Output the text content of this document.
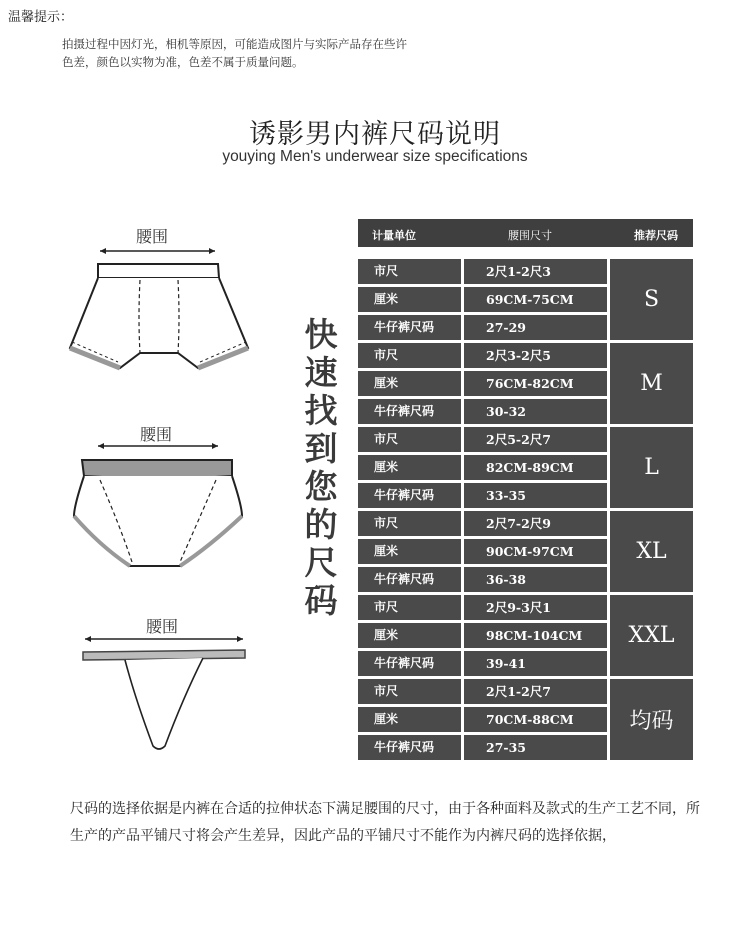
温馨提示：
拍摄过程中因灯光，相机等原因，可能造成图片与实际产品存在些许
色差，颜色以实物为准，色差不属于质量问题。
诱影男内裤尺码说明
youying Men's underwear size specifications
腰围
腰围
腰围
快
速
找
到
您
的
尺
码
计量单位	腰围尺寸	推荐尺码
市尺	2尺1-2尺3
厘米	69CM-75CM
牛仔裤尺码	27-29
S
市尺	2尺3-2尺5
厘米	76CM-82CM
牛仔裤尺码	30-32
M
市尺	2尺5-2尺7
厘米	82CM-89CM
牛仔裤尺码	33-35
L
市尺	2尺7-2尺9
厘米	90CM-97CM
牛仔裤尺码	36-38
XL
市尺	2尺9-3尺1
厘米	98CM-104CM
牛仔裤尺码	39-41
XXL
市尺	2尺1-2尺7
厘米	70CM-88CM
牛仔裤尺码	27-35
均码
尺码的选择依据是内裤在合适的拉伸状态下满足腰围的尺寸，由于各种面料及款式的生产工艺不同，所生产的产品平铺尺寸将会产生差异，因此产品的平铺尺寸不能作为内裤尺码的选择依据，
